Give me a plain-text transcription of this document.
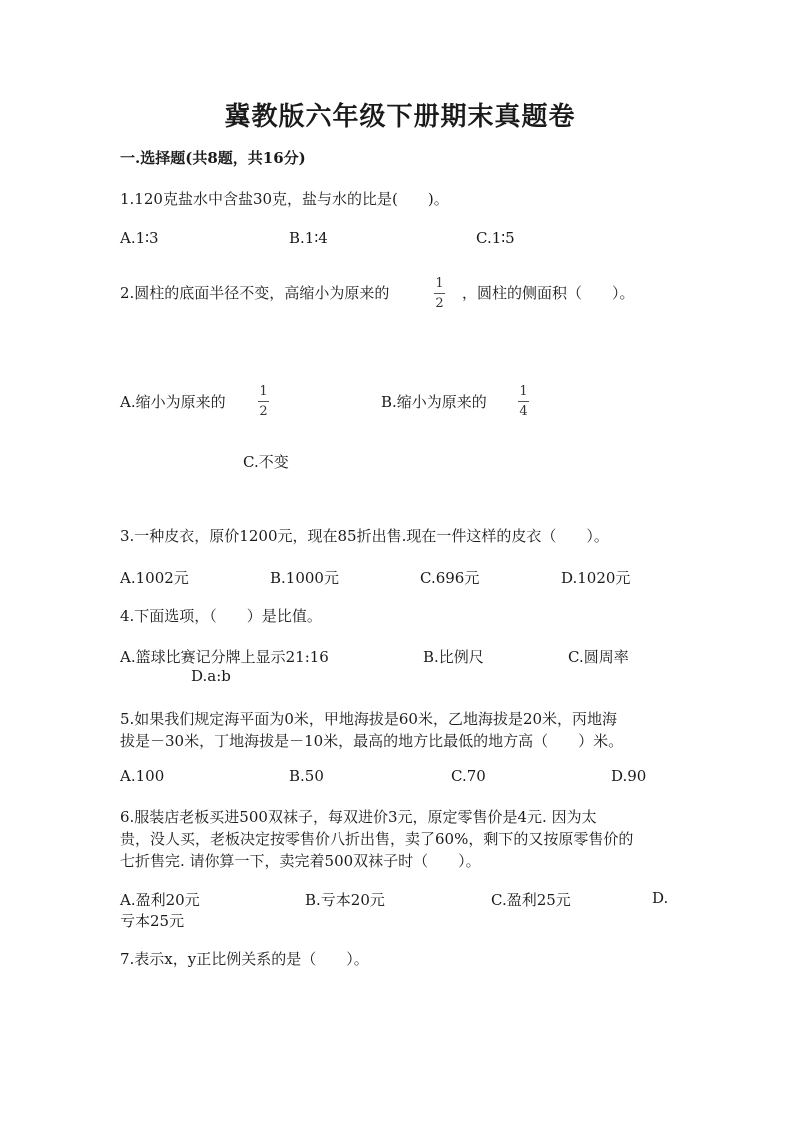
冀教版六年级下册期末真题卷
一.选择题(共8题，共16分)
1.120克盐水中含盐30克，盐与水的比是(　　)。
A.1∶3	B.1∶4	C.1∶5
2.圆柱的底面半径不变，高缩小为原来的
1
2
，圆柱的侧面积（　　）。
A.缩小为原来的
1
2
B.缩小为原来的
1
4
C.不变
3.一种皮衣，原价1200元，现在85折出售.现在一件这样的皮衣（　　）。
A.1002元	B.1000元	C.696元	D.1020元
4.下面选项，（　　）是比值。
A.篮球比赛记分牌上显示21:16	B.比例尺	C.圆周率
D.a:b
5.如果我们规定海平面为0米，甲地海拔是60米，乙地海拔是20米，丙地海
拔是－30米，丁地海拔是－10米，最高的地方比最低的地方高（　　）米。
A.100	B.50	C.70	D.90
6.服装店老板买进500双袜子，每双进价3元，原定零售价是4元. 因为太
贵，没人买，老板决定按零售价八折出售，卖了60%，剩下的又按原零售价的
七折售完. 请你算一下，卖完着500双袜子时（　　）。
A.盈利20元	B.亏本20元	C.盈利25元	D.
亏本25元
7.表示x，y正比例关系的是（　　）。
